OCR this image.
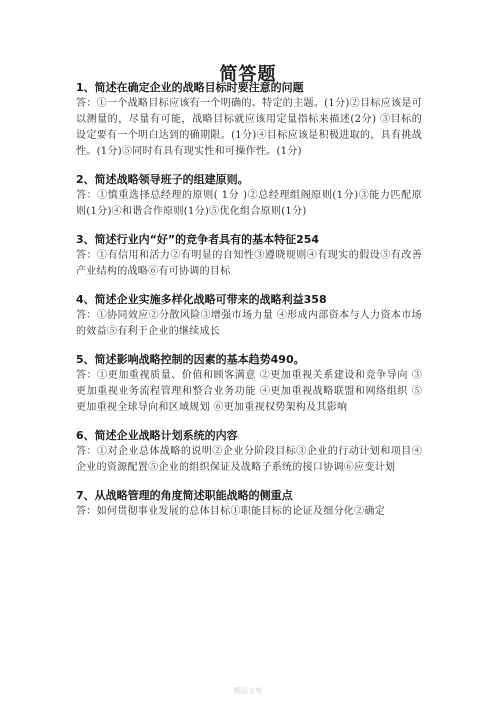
简答题
1、简述在确定企业的战略目标时要注意的问题
答：①一个战略目标应该有一个明确的、特定的主题。(1分)②目标应该是可以测量的，尽量有可能，战略目标就应该用定量指标来描述(2分) ③目标的设定要有一个明白达到的确期限。(1分)④目标应该是积极进取的，具有挑战性。(1分)⑤同时有具有现实性和可操作性。(1分)
2、简述战略领导班子的组建原则。
答：①慎重选择总经理的原则( 1分 )②总经理组阁原则(1分)③能力匹配原则(1分)④和谐合作原则(1分)⑤优化组合原则(1分)
3、简述行业内“好”的竞争者具有的基本特征254
答：①有信用和活力②有明显的自知性③遵晓规则④有现实的假设⑤有改善产业结构的战略⑥有可协调的目标
4、简述企业实施多样化战略可带来的战略利益358
答：①协同效应②分散风险③增强市场力量 ④形成内部资本与人力资本市场的效益⑤有利于企业的继续成长
5、简述影响战略控制的因素的基本趋势490。
答：①更加重视质量、价值和顾客满意 ②更加重视关系建设和竞争导向 ③更加重视业务流程管理和整合业务功能 ④更加重视战略联盟和网络组织 ⑤更加重视全球导向和区域规划 ⑥更加重视权势架构及其影响
6、简述企业战略计划系统的内容
答：①对企业总体战略的说明②企业分阶段目标③企业的行动计划和项目④企业的资源配置⑤企业的组织保证及战略子系统的接口协调⑥应变计划
7、从战略管理的角度简述职能战略的侧重点
答：如何贯彻事业发展的总体目标①职能目标的论证及细分化②确定
精品文库
